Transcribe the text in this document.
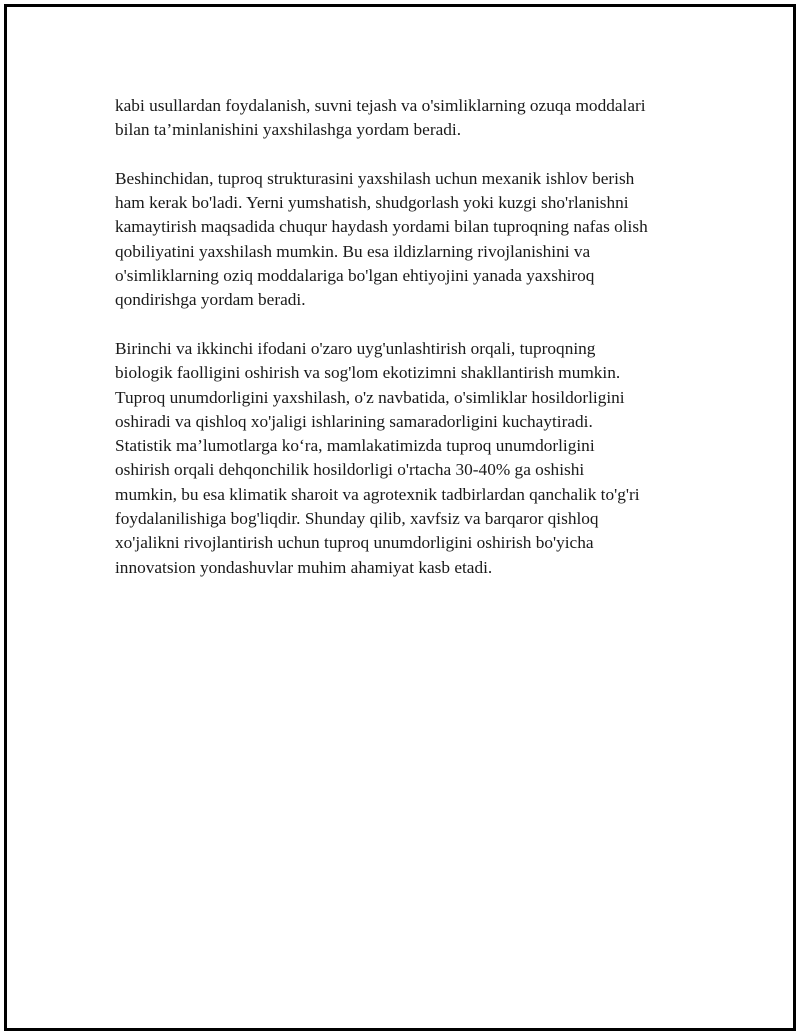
kabi usullardan foydalanish, suvni tejash va o'simliklarning ozuqa moddalari
bilan ta’minlanishini yaxshilashga yordam beradi.

Beshinchidan, tuproq strukturasini yaxshilash uchun mexanik ishlov berish
ham kerak bo'ladi. Yerni yumshatish, shudgorlash yoki kuzgi sho'rlanishni
kamaytirish maqsadida chuqur haydash yordami bilan tuproqning nafas olish
qobiliyatini yaxshilash mumkin. Bu esa ildizlarning rivojlanishini va
o'simliklarning oziq moddalariga bo'lgan ehtiyojini yanada yaxshiroq
qondirishga yordam beradi.

Birinchi va ikkinchi ifodani o'zaro uyg'unlashtirish orqali, tuproqning
biologik faolligini oshirish va sog'lom ekotizimni shakllantirish mumkin.
Tuproq unumdorligini yaxshilash, o'z navbatida, o'simliklar hosildorligini
oshiradi va qishloq xo'jaligi ishlarining samaradorligini kuchaytiradi.
Statistik ma’lumotlarga ko‘ra, mamlakatimizda tuproq unumdorligini
oshirish orqali dehqonchilik hosildorligi o'rtacha 30-40% ga oshishi
mumkin, bu esa klimatik sharoit va agrotexnik tadbirlardan qanchalik to'g'ri
foydalanilishiga bog'liqdir. Shunday qilib, xavfsiz va barqaror qishloq
xo'jalikni rivojlantirish uchun tuproq unumdorligini oshirish bo'yicha
innovatsion yondashuvlar muhim ahamiyat kasb etadi.
